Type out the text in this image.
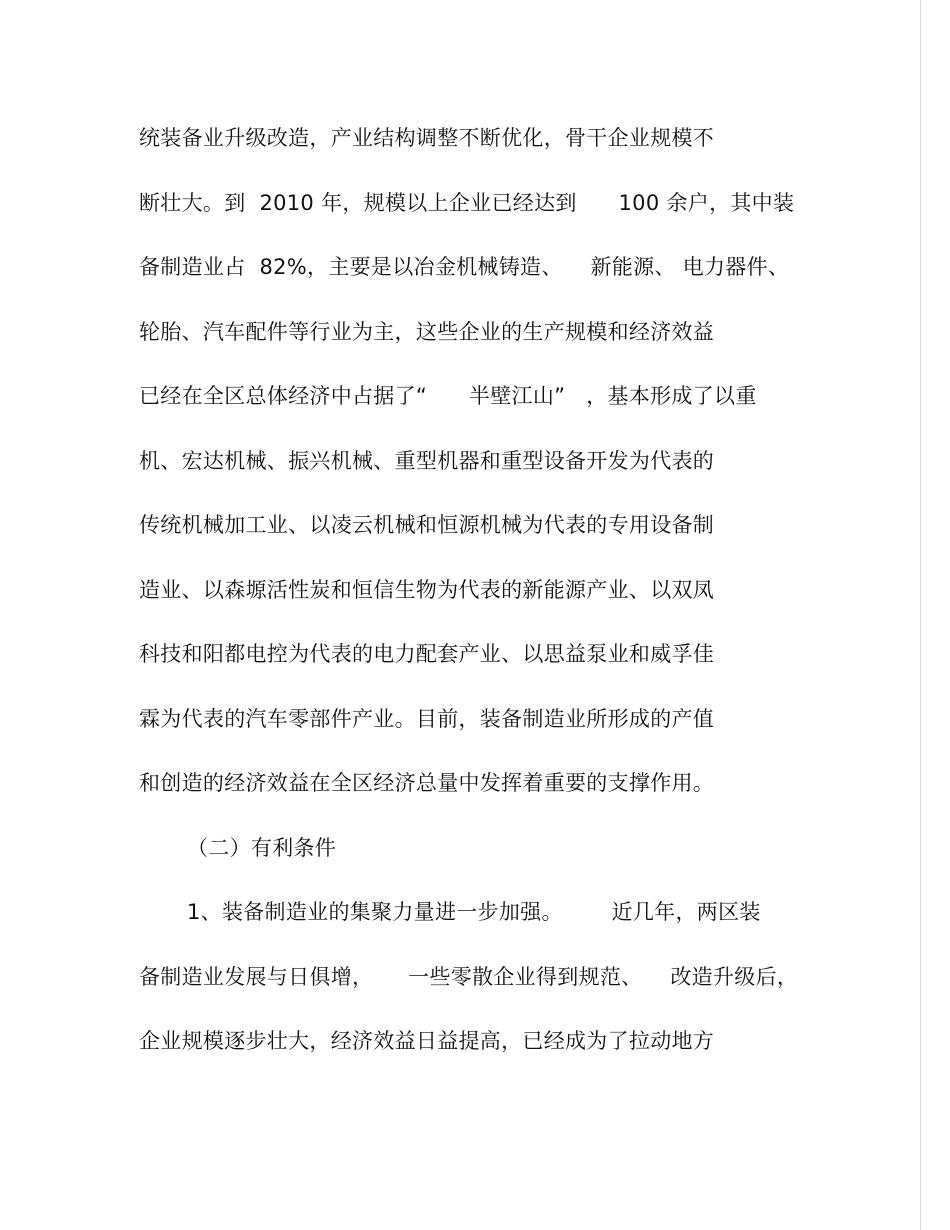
统装备业升级改造，产业结构调整不断优化，骨干企业规模不
断壮大。到  2010 年，规模以上企业已经达到      100 余户，其中装
备制造业占  82%，主要是以冶金机械铸造、    新能源、 电力器件、
轮胎、汽车配件等行业为主，这些企业的生产规模和经济效益
已经在全区总体经济中占据了“      半壁江山”   ，基本形成了以重
机、宏达机械、振兴机械、重型机器和重型设备开发为代表的
传统机械加工业、以凌云机械和恒源机械为代表的专用设备制
造业、以森塬活性炭和恒信生物为代表的新能源产业、以双凤
科技和阳都电控为代表的电力配套产业、以思益泵业和威孚佳
霖为代表的汽车零部件产业。目前，装备制造业所形成的产值
和创造的经济效益在全区经济总量中发挥着重要的支撑作用。
（二）有利条件
1、装备制造业的集聚力量进一步加强。       近几年，两区装
备制造业发展与日俱增，     一些零散企业得到规范、    改造升级后，
企业规模逐步壮大，经济效益日益提高，已经成为了拉动地方
